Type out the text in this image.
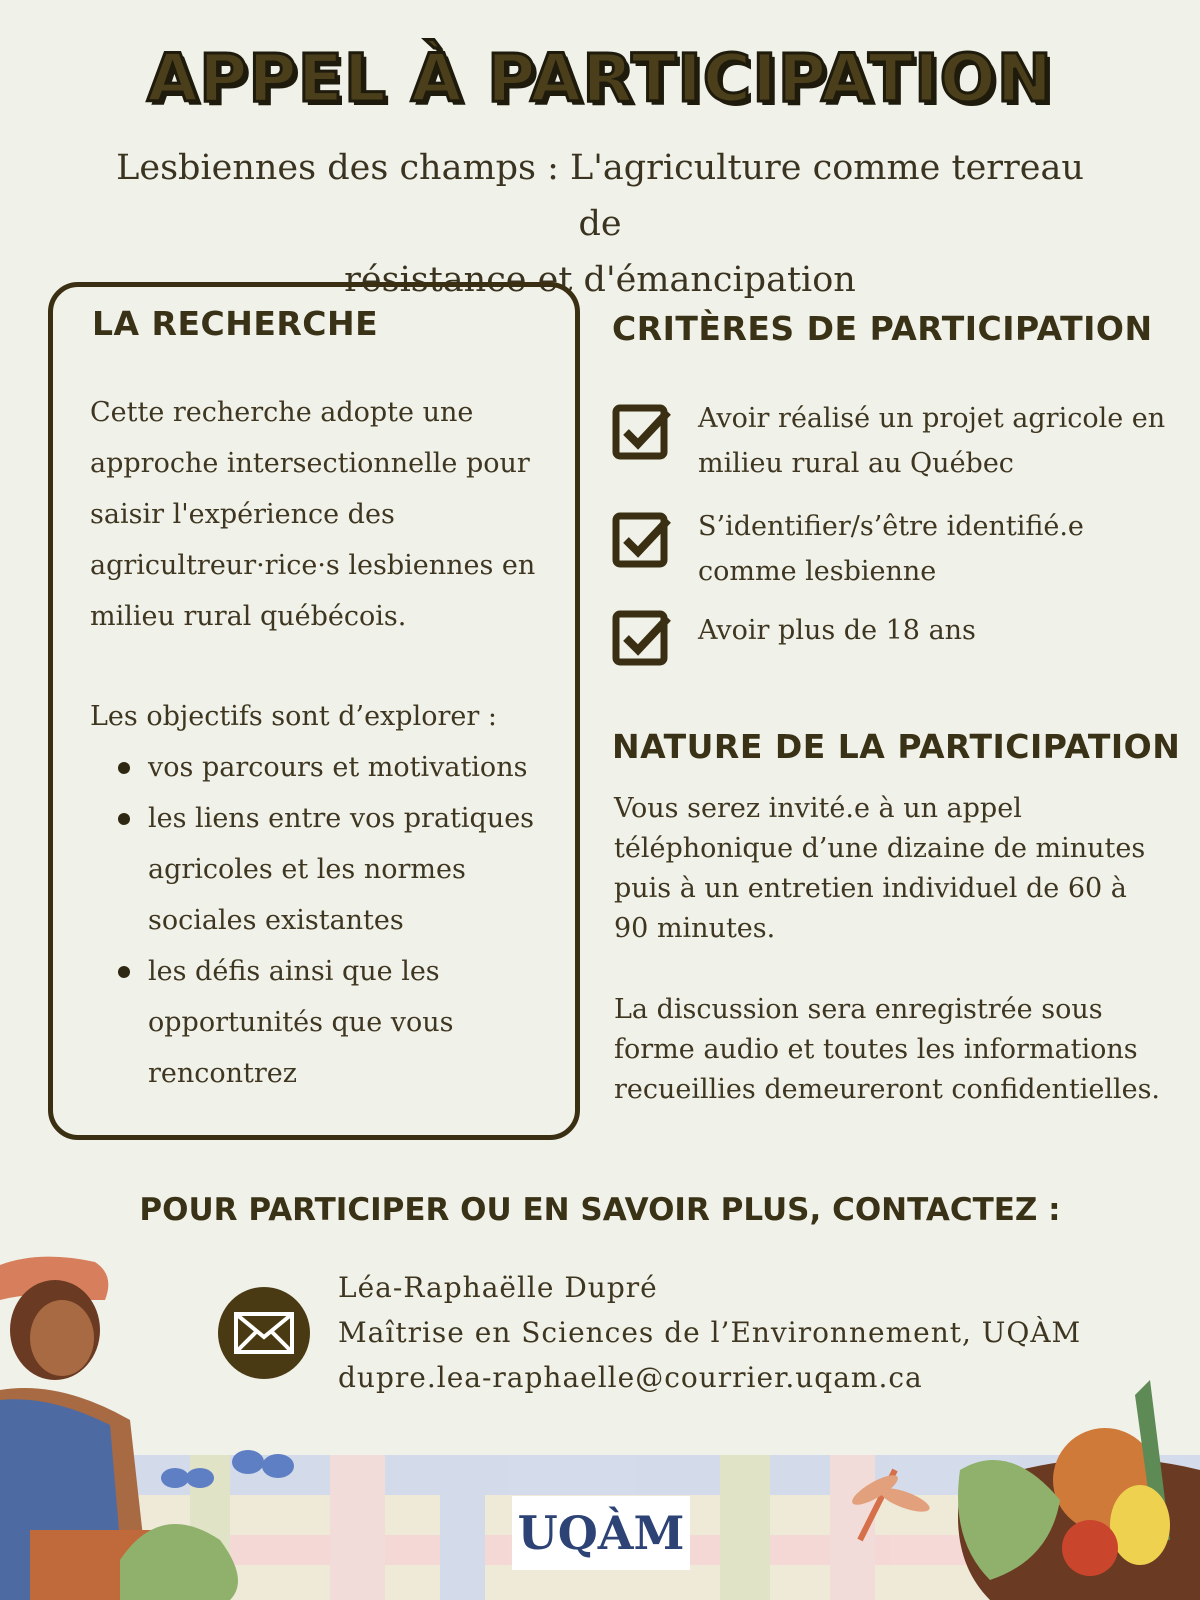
APPEL À PARTICIPATION
Lesbiennes des champs : L'agriculture comme terreau de
résistance et d'émancipation
LA RECHERCHE
Cette recherche adopte une
approche intersectionnelle pour
saisir l'expérience des
agricultreur·rice·s lesbiennes en
milieu rural québécois.
Les objectifs sont d’explorer :
vos parcours et motivations
les liens entre vos pratiques
agricoles et les normes
sociales existantes
les défis ainsi que les
opportunités que vous
rencontrez
CRITÈRES DE PARTICIPATION
Avoir réalisé un projet agricole en
milieu rural au Québec
S’identifier/s’être identifié.e
comme lesbienne
Avoir plus de 18 ans
NATURE DE LA PARTICIPATION
Vous serez invité.e à un appel
téléphonique d’une dizaine de minutes
puis à un entretien individuel de 60 à
90 minutes.
La discussion sera enregistrée sous
forme audio et toutes les informations
recueillies demeureront confidentielles.
POUR PARTICIPER OU EN SAVOIR PLUS, CONTACTEZ :
Léa-Raphaëlle Dupré
Maîtrise en Sciences de l’Environnement, UQÀM
dupre.lea-raphaelle@courrier.uqam.ca
UQÀM
